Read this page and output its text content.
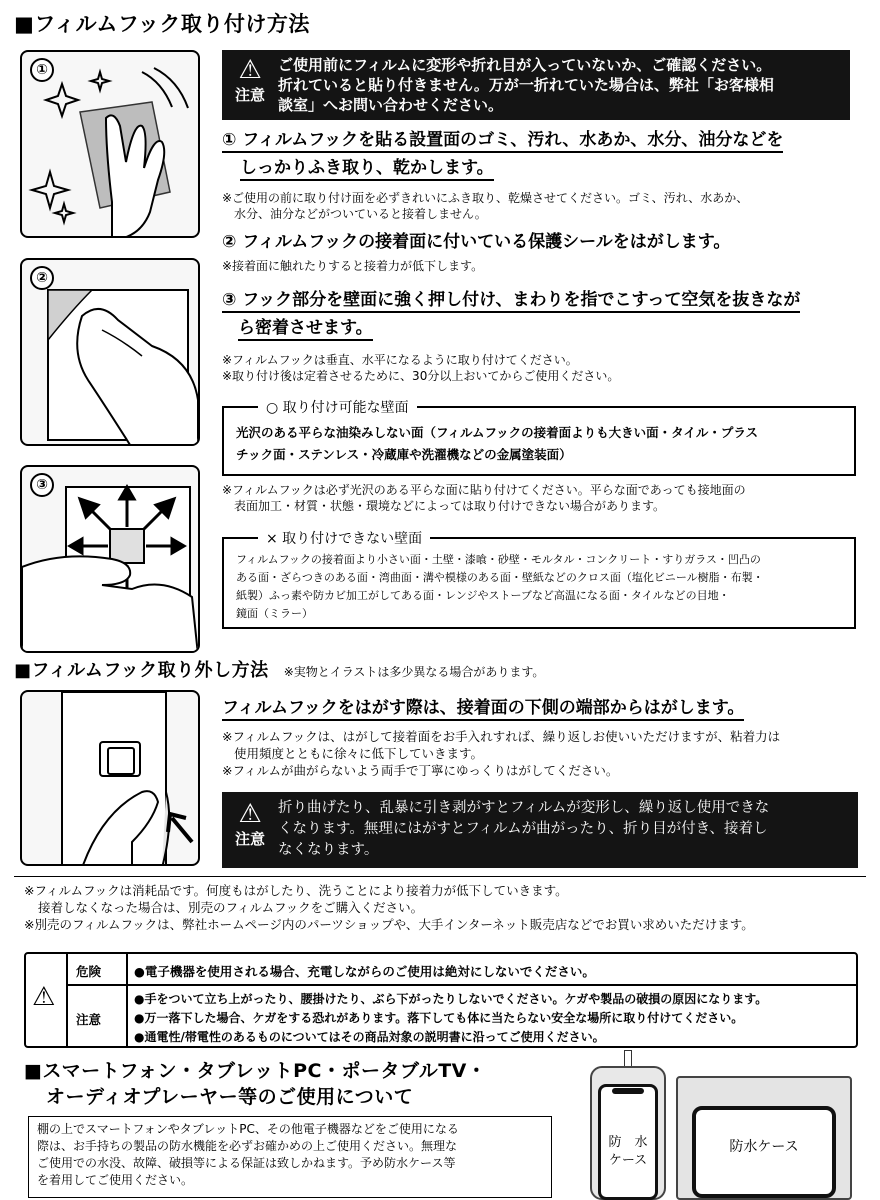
■フィルムフック取り付け方法
①
②
③
⚠
注意
ご使用前にフィルムに変形や折れ目が入っていないか、ご確認ください。
折れていると貼り付きません。万が一折れていた場合は、弊社「お客様相
談室」へお問い合わせください。
① フィルムフックを貼る設置面のゴミ、汚れ、水あか、水分、油分などを
しっかりふき取り、乾かします。
※ご使用の前に取り付け面を必ずきれいにふき取り、乾燥させてください。ゴミ、汚れ、水あか、
水分、油分などがついていると接着しません。
② フィルムフックの接着面に付いている保護シールをはがします。
※接着面に触れたりすると接着力が低下します。
③ フック部分を壁面に強く押し付け、まわりを指でこすって空気を抜きなが
ら密着させます。
※フィルムフックは垂直、水平になるように取り付けてください。
※取り付け後は定着させるために、30分以上おいてからご使用ください。
○ 取り付け可能な壁面
光沢のある平らな油染みしない面（フィルムフックの接着面よりも大きい面・タイル・プラス
チック面・ステンレス・冷蔵庫や洗濯機などの金属塗装面）
※フィルムフックは必ず光沢のある平らな面に貼り付けてください。平らな面であっても接地面の
表面加工・材質・状態・環境などによっては取り付けできない場合があります。
× 取り付けできない壁面
フィルムフックの接着面より小さい面・土壁・漆喰・砂壁・モルタル・コンクリート・すりガラス・凹凸の
ある面・ざらつきのある面・湾曲面・溝や模様のある面・壁紙などのクロス面（塩化ビニール樹脂・布製・
紙製）ふっ素や防カビ加工がしてある面・レンジやストーブなど高温になる面・タイルなどの目地・
鏡面（ミラー）
■フィルムフック取り外し方法 ※実物とイラストは多少異なる場合があります。
フィルムフックをはがす際は、接着面の下側の端部からはがします。
※フィルムフックは、はがして接着面をお手入れすれば、繰り返しお使いいただけますが、粘着力は
使用頻度とともに徐々に低下していきます。
※フィルムが曲がらないよう両手で丁寧にゆっくりはがしてください。
⚠
注意
折り曲げたり、乱暴に引き剥がすとフィルムが変形し、繰り返し使用できな
くなります。無理にはがすとフィルムが曲がったり、折り目が付き、接着し
なくなります。
※フィルムフックは消耗品です。何度もはがしたり、洗うことにより接着力が低下していきます。
接着しなくなった場合は、別売のフィルムフックをご購入ください。
※別売のフィルムフックは、弊社ホームページ内のパーツショップや、大手インターネット販売店などでお買い求めいただけます。
⚠
危険	●電子機器を使用される場合、充電しながらのご使用は絶対にしないでください。
注意
●手をついて立ち上がったり、腰掛けたり、ぶら下がったりしないでください。ケガや製品の破損の原因になります。
●万一落下した場合、ケガをする恐れがあります。落下しても体に当たらない安全な場所に取り付けてください。
●通電性/帯電性のあるものについてはその商品対象の説明書に沿ってご使用ください。
■スマートフォン・タブレットPC・ポータブルTV・
オーディオプレーヤー等のご使用について
棚の上でスマートフォンやタブレットPC、その他電子機器などをご使用になる
際は、お手持ちの製品の防水機能を必ずお確かめの上ご使用ください。無理な
ご使用での水没、故障、破損等による保証は致しかねます。予め防水ケース等
を着用してご使用ください。
防　水
ケース
防水ケース
